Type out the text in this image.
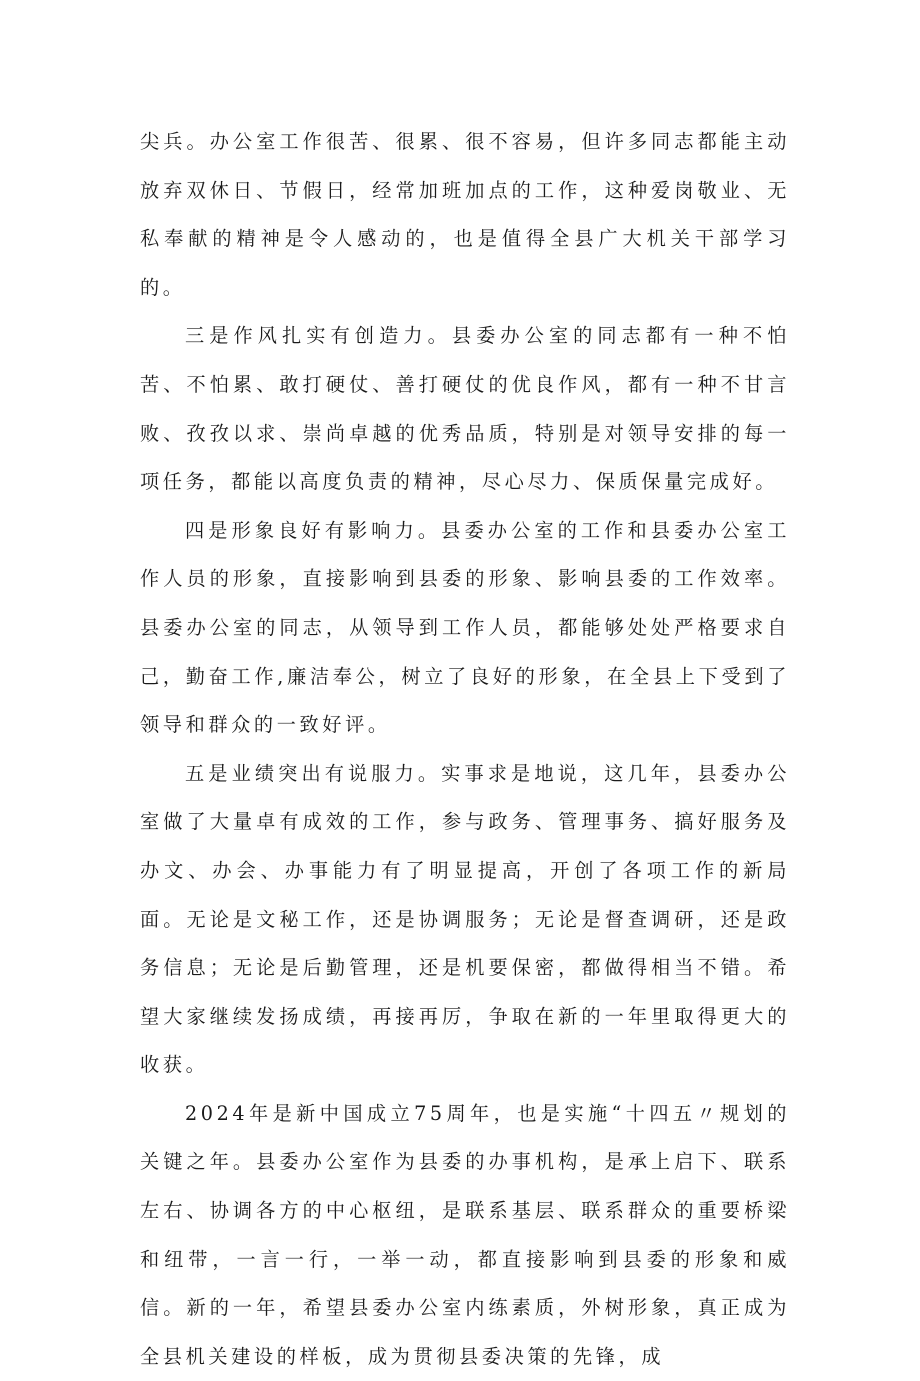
尖兵。办公室工作很苦、很累、很不容易，但许多同志都能主动放弃双休日、节假日，经常加班加点的工作，这种爱岗敬业、无私奉献的精神是令人感动的，也是值得全县广大机关干部学习的。

三是作风扎实有创造力。县委办公室的同志都有一种不怕苦、不怕累、敢打硬仗、善打硬仗的优良作风，都有一种不甘言败、孜孜以求、崇尚卓越的优秀品质，特别是对领导安排的每一项任务，都能以高度负责的精神，尽心尽力、保质保量完成好。

四是形象良好有影响力。县委办公室的工作和县委办公室工作人员的形象，直接影响到县委的形象、影响县委的工作效率。县委办公室的同志，从领导到工作人员，都能够处处严格要求自己，勤奋工作,廉洁奉公，树立了良好的形象，在全县上下受到了领导和群众的一致好评。

五是业绩突出有说服力。实事求是地说，这几年，县委办公室做了大量卓有成效的工作，参与政务、管理事务、搞好服务及办文、办会、办事能力有了明显提高，开创了各项工作的新局面。无论是文秘工作，还是协调服务；无论是督查调研，还是政务信息；无论是后勤管理，还是机要保密，都做得相当不错。希望大家继续发扬成绩，再接再厉，争取在新的一年里取得更大的收获。

2024年是新中国成立75周年，也是实施“十四五〃规划的关键之年。县委办公室作为县委的办事机构，是承上启下、联系左右、协调各方的中心枢纽，是联系基层、联系群众的重要桥梁和纽带，一言一行，一举一动，都直接影响到县委的形象和威信。新的一年，希望县委办公室内练素质，外树形象，真正成为全县机关建设的样板，成为贯彻县委决策的先锋，成
